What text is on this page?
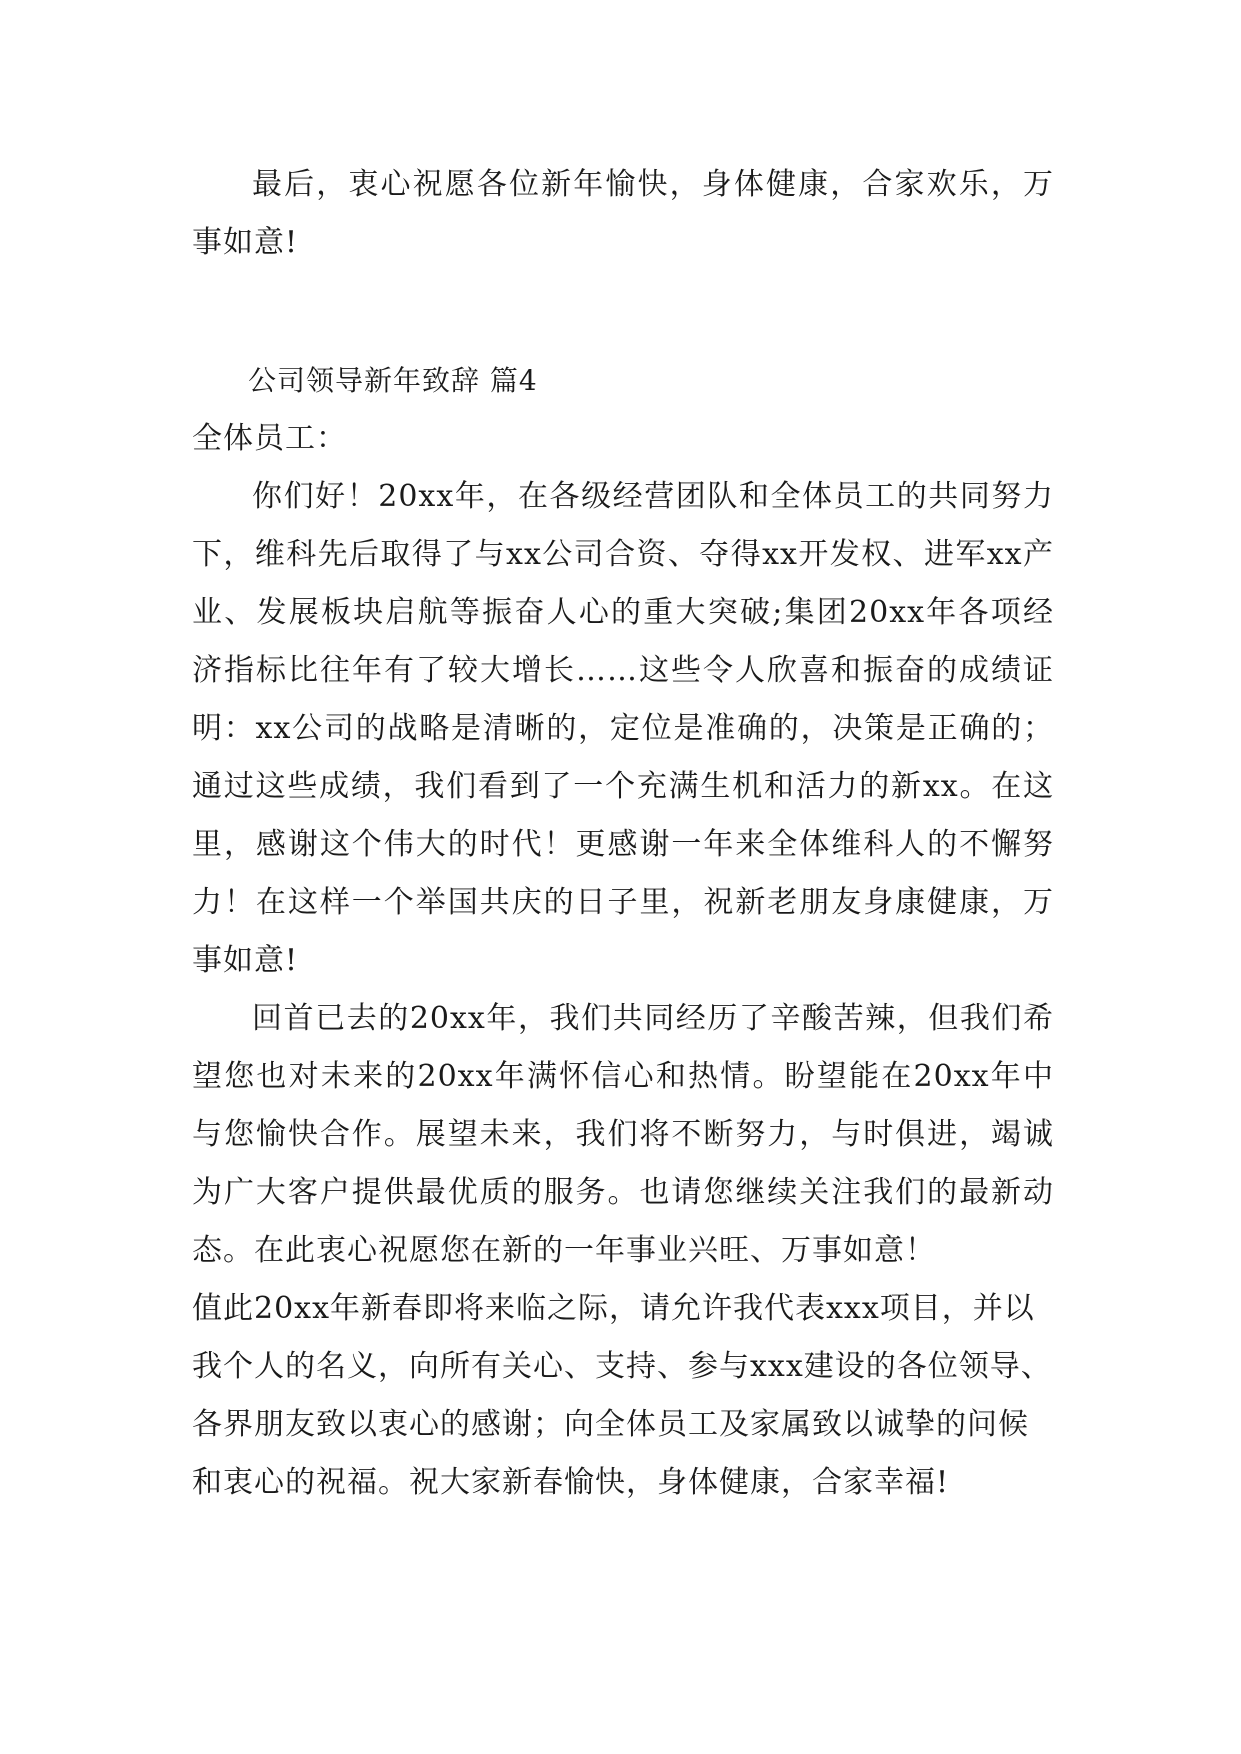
最后，衷心祝愿各位新年愉快，身体健康，合家欢乐，万事如意!

公司领导新年致辞 篇4

全体员工：

你们好！20xx年，在各级经营团队和全体员工的共同努力下，维科先后取得了与xx公司合资、夺得xx开发权、进军xx产业、发展板块启航等振奋人心的重大突破;集团20xx年各项经济指标比往年有了较大增长……这些令人欣喜和振奋的成绩证明：xx公司的战略是清晰的，定位是准确的，决策是正确的；通过这些成绩，我们看到了一个充满生机和活力的新xx。在这里，感谢这个伟大的时代！更感谢一年来全体维科人的不懈努力！在这样一个举国共庆的日子里，祝新老朋友身康健康，万事如意!

回首已去的20xx年，我们共同经历了辛酸苦辣，但我们希望您也对未来的20xx年满怀信心和热情。盼望能在20xx年中与您愉快合作。展望未来，我们将不断努力，与时俱进，竭诚为广大客户提供最优质的服务。也请您继续关注我们的最新动态。在此衷心祝愿您在新的一年事业兴旺、万事如意！

值此20xx年新春即将来临之际，请允许我代表xxx项目，并以我个人的名义，向所有关心、支持、参与xxx建设的各位领导、各界朋友致以衷心的感谢；向全体员工及家属致以诚挚的问候和衷心的祝福。祝大家新春愉快，身体健康，合家幸福!
